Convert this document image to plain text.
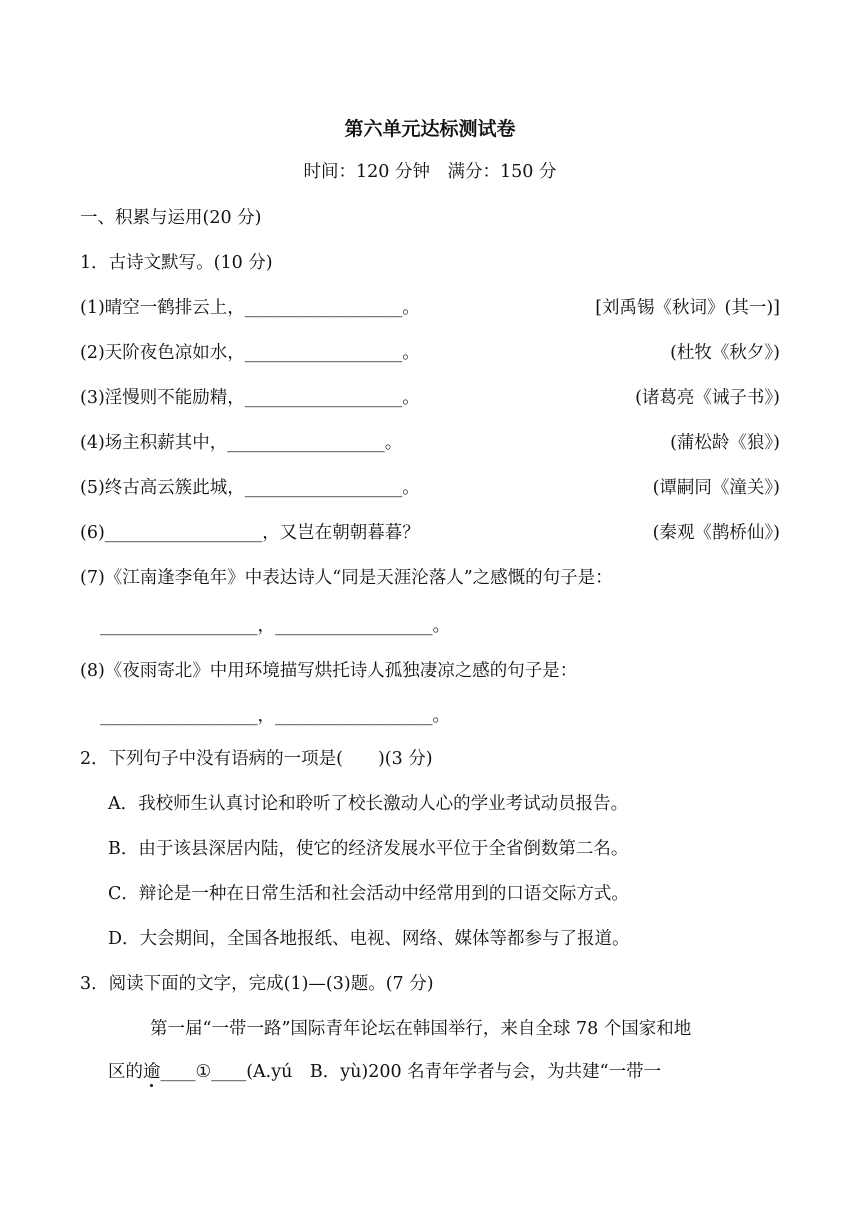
第六单元达标测试卷
时间：120 分钟　满分：150 分
一、积累与运用(20 分)
1．古诗文默写。(10 分)
(1)晴空一鹤排云上，__________________。	[刘禹锡《秋词》(其一)]
(2)天阶夜色凉如水，__________________。	(杜牧《秋夕》)
(3)淫慢则不能励精，__________________。	(诸葛亮《诫子书》)
(4)场主积薪其中，__________________。	(蒲松龄《狼》)
(5)终古高云簇此城，__________________。	(谭嗣同《潼关》)
(6)__________________，又岂在朝朝暮暮？	(秦观《鹊桥仙》)
(7)《江南逢李龟年》中表达诗人“同是天涯沦落人”之感慨的句子是：
__________________，__________________。
(8)《夜雨寄北》中用环境描写烘托诗人孤独凄凉之感的句子是：
__________________，__________________。
2．下列句子中没有语病的一项是(　　)(3 分)
A．我校师生认真讨论和聆听了校长激动人心的学业考试动员报告。
B．由于该县深居内陆，使它的经济发展水平位于全省倒数第二名。
C．辩论是一种在日常生活和社会活动中经常用到的口语交际方式。
D．大会期间，全国各地报纸、电视、网络、媒体等都参与了报道。
3．阅读下面的文字，完成(1)—(3)题。(7 分)
第一届“一带一路”国际青年论坛在韩国举行，来自全球 78 个国家和地
区的逾____①____(A.yú　B．yù)200 名青年学者与会，为共建“一带一
